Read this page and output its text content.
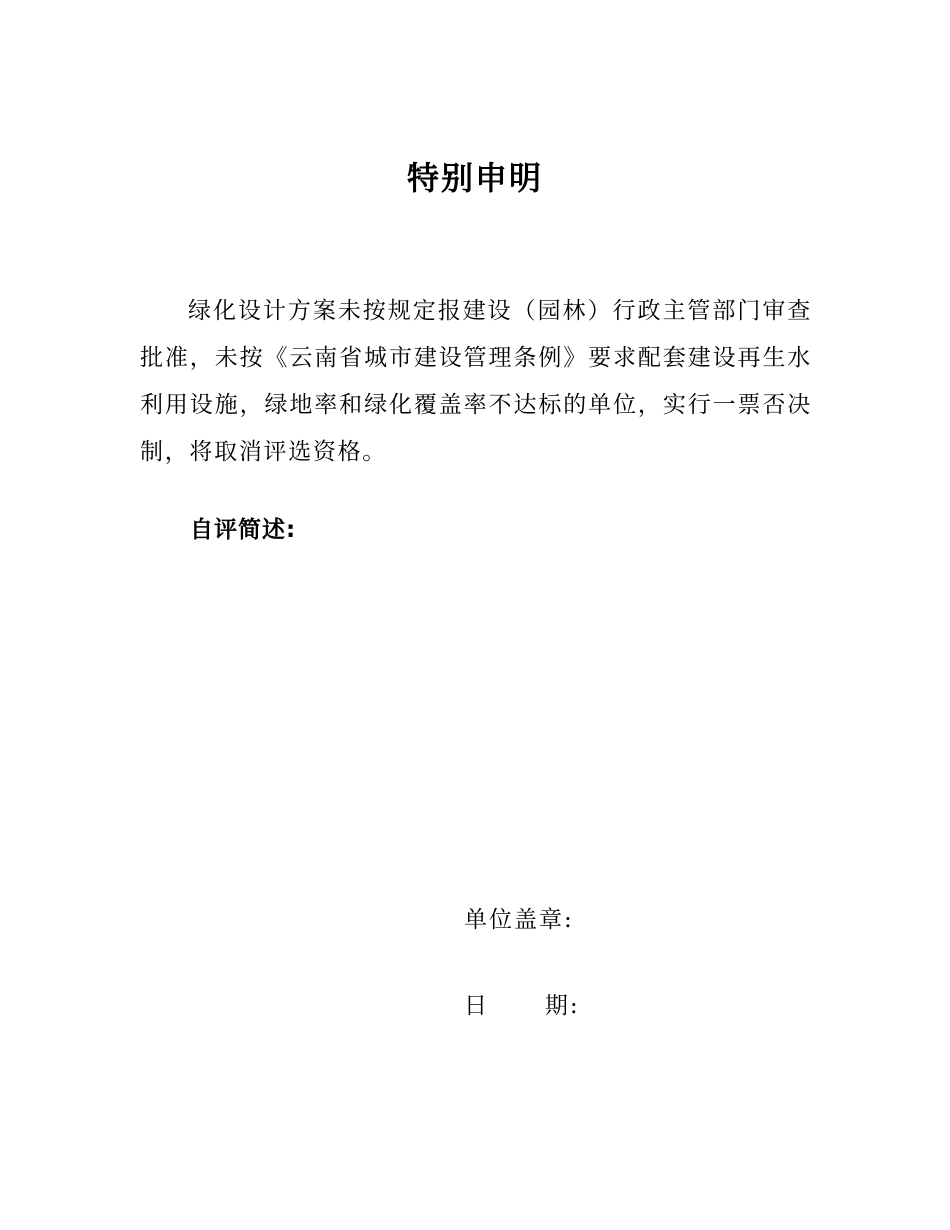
特别申明

绿化设计方案未按规定报建设（园林）行政主管部门审查批准，未按《云南省城市建设管理条例》要求配套建设再生水利用设施，绿地率和绿化覆盖率不达标的单位，实行一票否决制，将取消评选资格。

自评简述:
单位盖章:
日      期:
